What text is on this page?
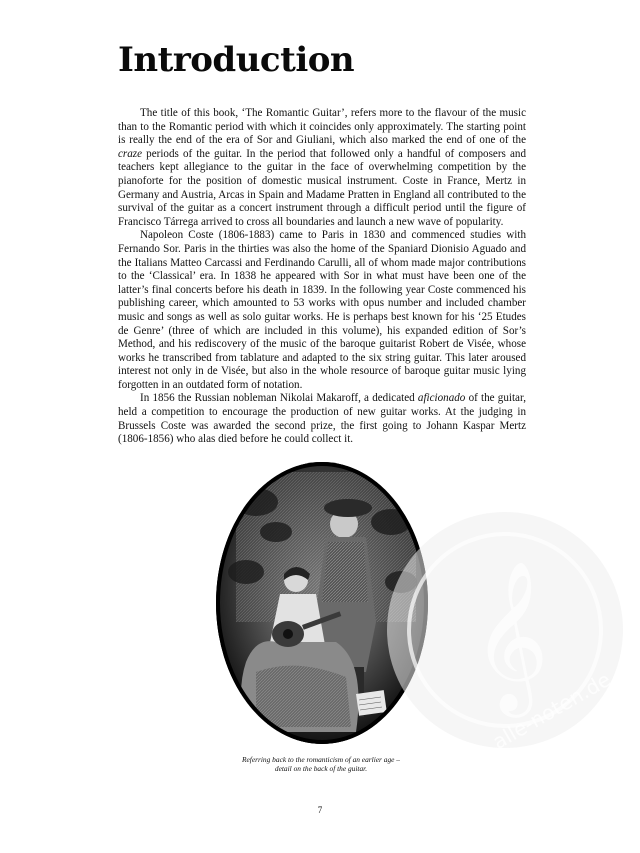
Introduction

The title of this book, ‘The Romantic Guitar’, refers more to the flavour of the music than to the Romantic period with which it coincides only approximately. The starting point is really the end of the era of Sor and Giuliani, which also marked the end of one of the craze periods of the guitar. In the period that followed only a handful of composers and teachers kept allegiance to the guitar in the face of overwhelming competition by the pianoforte for the position of domestic musical instrument. Coste in France, Mertz in Germany and Austria, Arcas in Spain and Madame Pratten in England all contributed to the survival of the guitar as a concert instrument through a difficult period until the figure of Francisco Tárrega arrived to cross all boundaries and launch a new wave of popularity.

Napoleon Coste (1806-1883) came to Paris in 1830 and commenced studies with Fernando Sor. Paris in the thirties was also the home of the Spaniard Dionisio Aguado and the Italians Matteo Carcassi and Ferdinando Carulli, all of whom made major contributions to the ‘Classical’ era. In 1838 he appeared with Sor in what must have been one of the latter’s final concerts before his death in 1839. In the following year Coste commenced his publishing career, which amounted to 53 works with opus number and included chamber music and songs as well as solo guitar works. He is perhaps best known for his ‘25 Etudes de Genre’ (three of which are included in this volume), his expanded edition of Sor’s Method, and his rediscovery of the music of the baroque guitarist Robert de Visée, whose works he transcribed from tablature and adapted to the six string guitar. This later aroused interest not only in de Visée, but also in the whole resource of baroque guitar music lying forgotten in an outdated form of notation.

In 1856 the Russian nobleman Nikolai Makaroff, a dedicated aficionado of the guitar, held a competition to encourage the production of new guitar works. At the judging in Brussels Coste was awarded the second prize, the first going to Johann Kaspar Mertz (1806-1856) who alas died before he could collect it.

Referring back to the romanticism of an earlier age –
detail on the back of the guitar.
7
𝄞
alle-noten.de
